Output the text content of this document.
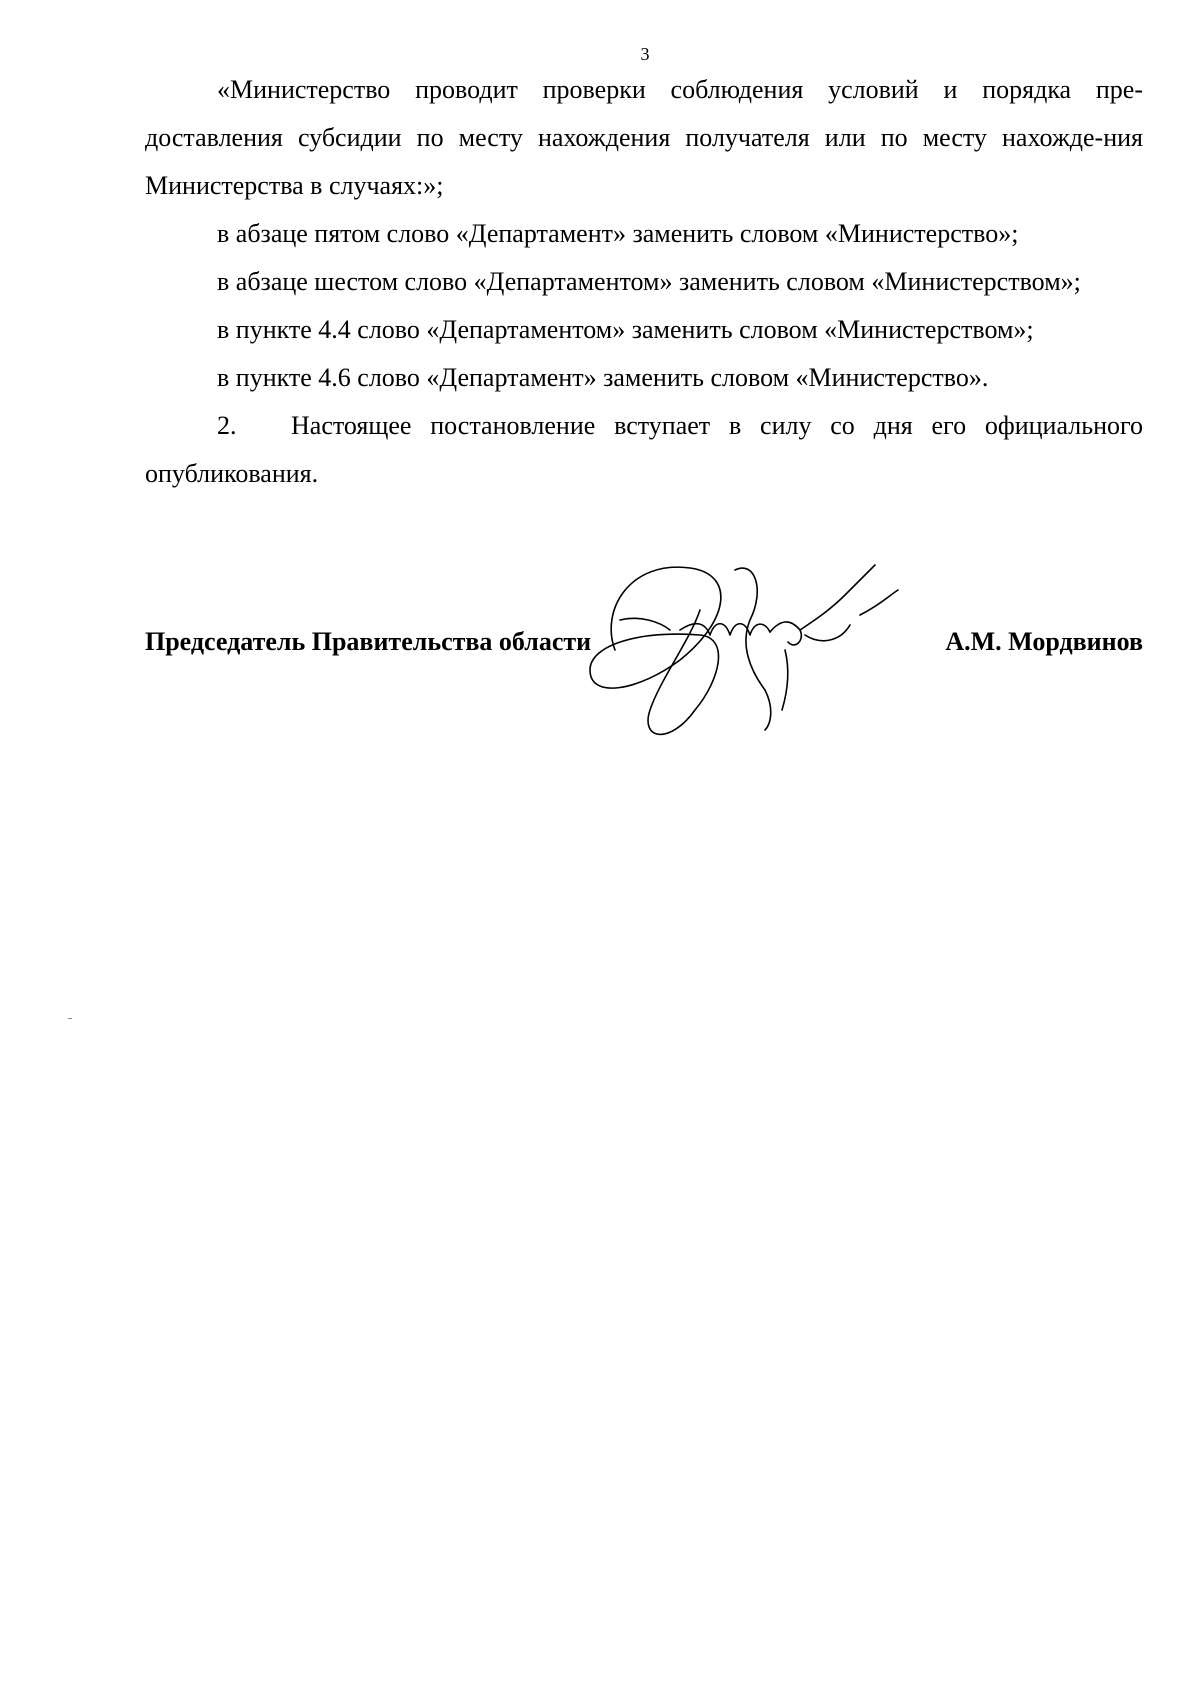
3

«Министерство проводит проверки соблюдения условий и порядка пре-доставления субсидии по месту нахождения получателя или по месту нахожде-ния Министерства в случаях:»;

в абзаце пятом слово «Департамент» заменить словом «Министерство»;

в абзаце шестом слово «Департаментом» заменить словом «Министерством»;

в пункте 4.4 слово «Департаментом» заменить словом «Министерством»;

в пункте 4.6 слово «Департамент» заменить словом «Министерство».

2. Настоящее постановление вступает в силу со дня его официального опубликования.

Председатель Правительства области	А.М. Мордвинов
